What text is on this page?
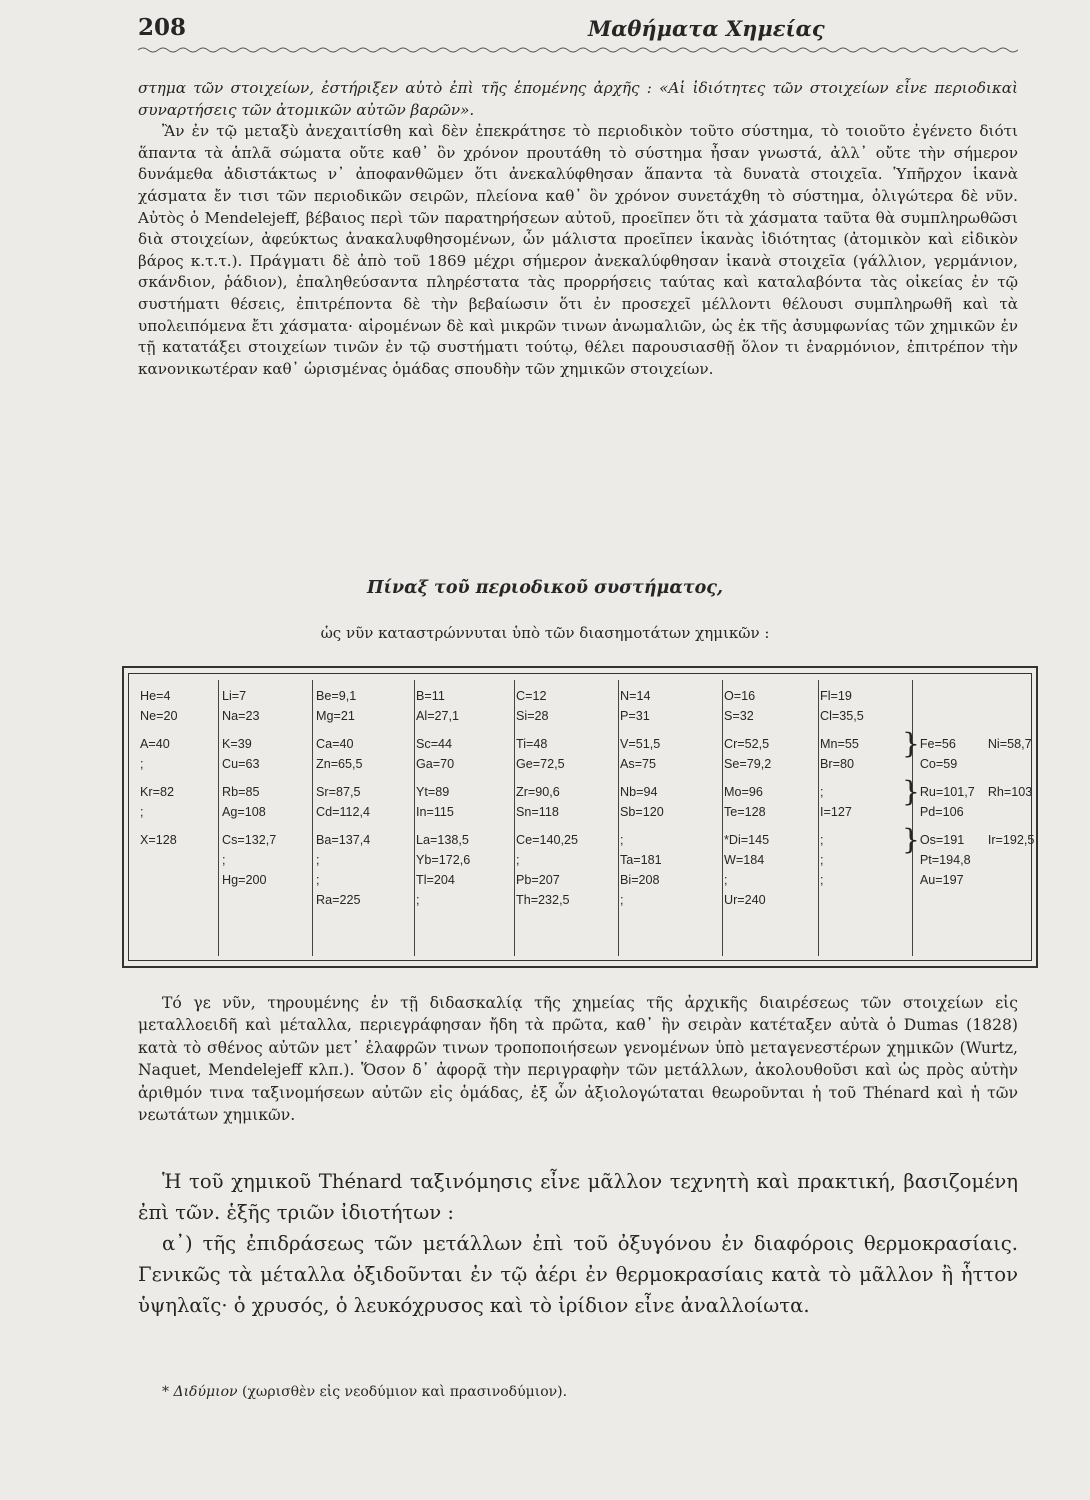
208	Μαθήματα Χημείας

στημα τῶν στοιχείων, ἐστήριξεν αὐτὸ ἐπὶ τῆς ἑπομένης ἀρχῆς : «Αἱ ἰδιότητες τῶν στοιχείων εἶνε περιοδικαὶ συναρτήσεις τῶν ἀτομικῶν αὐτῶν βαρῶν».

Ἂν ἐν τῷ μεταξὺ ἀνεχαιτίσθη καὶ δὲν ἐπεκράτησε τὸ περιοδικὸν τοῦτο σύστημα, τὸ τοιοῦτο ἐγένετο διότι ἅπαντα τὰ ἁπλᾶ σώματα οὔτε καθ᾽ ὃν χρόνον προυτάθη τὸ σύστημα ἦσαν γνωστά, ἀλλ᾽ οὔτε τὴν σήμερον δυνάμεθα ἀδιστάκτως ν᾽ ἀποφανθῶμεν ὅτι ἀνεκαλύφθησαν ἅπαντα τὰ δυνατὰ στοιχεῖα. Ὑπῆρχον ἱκανὰ χάσματα ἔν τισι τῶν περιοδικῶν σειρῶν, πλείονα καθ᾽ ὃν χρόνον συνετάχθη τὸ σύστημα, ὀλιγώτερα δὲ νῦν. Αὐτὸς ὁ Mendelejeff, βέβαιος περὶ τῶν παρατηρήσεων αὐτοῦ, προεῖπεν ὅτι τὰ χάσματα ταῦτα θὰ συμπληρωθῶσι διὰ στοιχείων, ἀφεύκτως ἀνακαλυφθησομένων, ὧν μάλιστα προεῖπεν ἱκανὰς ἰδιότητας (ἀτομικὸν καὶ εἰδικὸν βάρος κ.τ.τ.). Πράγματι δὲ ἀπὸ τοῦ 1869 μέχρι σήμερον ἀνεκαλύφθησαν ἱκανὰ στοιχεῖα (γάλλιον, γερμάνιον, σκάνδιον, ῥάδιον), ἐπαληθεύσαντα πληρέστατα τὰς προρρήσεις ταύτας καὶ καταλαβόντα τὰς οἰκείας ἐν τῷ συστήματι θέσεις, ἐπιτρέποντα δὲ τὴν βεβαίωσιν ὅτι ἐν προσεχεῖ μέλλοντι θέλουσι συμπληρωθῆ καὶ τὰ υπολειπόμενα ἔτι χάσματα· αἰρομένων δὲ καὶ μικρῶν τινων ἀνωμαλιῶν, ὡς ἐκ τῆς ἀσυμφωνίας τῶν χημικῶν ἐν τῇ κατατάξει στοιχείων τινῶν ἐν τῷ συστήματι τούτῳ, θέλει παρουσιασθῇ ὅλον τι ἐναρμόνιον, ἐπιτρέπον τὴν κανονικωτέραν καθ᾽ ὡρισμένας ὁμάδας σπουδὴν τῶν χημικῶν στοιχείων.

Πίναξ τοῦ περιοδικοῦ συστήματος,
ὡς νῦν καταστρώννυται ὑπὸ τῶν διασημοτάτων χημικῶν :
He=4	Li=7	Be=9,1	B=11	C=12	N=14	O=16	Fl=19			
Ne=20	Na=23	Mg=21	Al=27,1	Si=28	P=31	S=32	Cl=35,5			

A=40	K=39	Ca=40	Sc=44	Ti=48	V=51,5	Cr=52,5	Mn=55	}	Fe=56	Ni=58,7
;	Cu=63	Zn=65,5	Ga=70	Ge=72,5	As=75	Se=79,2	Br=80		Co=59	

Kr=82	Rb=85	Sr=87,5	Yt=89	Zr=90,6	Nb=94	Mo=96	;	}	Ru=101,7	Rh=103
;	Ag=108	Cd=112,4	In=115	Sn=118	Sb=120	Te=128	I=127		Pd=106	

X=128	Cs=132,7	Ba=137,4	La=138,5	Ce=140,25	;	*Di=145	;	}	Os=191	Ir=192,5
	;	;	Yb=172,6	;	Ta=181	W=184	;		Pt=194,8	
	Hg=200	;	Tl=204	Pb=207	Bi=208	;	;		Au=197	
		Ra=225	;	Th=232,5	;	Ur=240				

Τό γε νῦν, τηρουμένης ἐν τῇ διδασκαλίᾳ τῆς χημείας τῆς ἀρχικῆς διαιρέσεως τῶν στοιχείων εἰς μεταλλοειδῆ καὶ μέταλλα, περιεγράφησαν ἤδη τὰ πρῶτα, καθ᾽ ἣν σειρὰν κατέταξεν αὐτὰ ὁ Dumas (1828) κατὰ τὸ σθένος αὐτῶν μετ᾽ ἐλαφρῶν τινων τροποποιήσεων γενομένων ὑπὸ μεταγενεστέρων χημικῶν (Wurtz, Naquet, Mendelejeff κλπ.). Ὅσον δ᾽ ἀφορᾷ τὴν περιγραφὴν τῶν μετάλλων, ἀκολουθοῦσι καὶ ὡς πρὸς αὐτὴν ἀριθμόν τινα ταξινομήσεων αὐτῶν εἰς ὁμάδας, ἐξ ὧν ἀξιολογώταται θεωροῦνται ἡ τοῦ Thénard καὶ ἡ τῶν νεωτάτων χημικῶν.

Ἡ τοῦ χημικοῦ Thénard ταξινόμησις εἶνε μᾶλλον τεχνητὴ καὶ πρακτική, βασιζομένη ἐπὶ τῶν. ἑξῆς τριῶν ἰδιοτήτων :

α᾽) τῆς ἐπιδράσεως τῶν μετάλλων ἐπὶ τοῦ ὀξυγόνου ἐν διαφόροις θερμοκρασίαις. Γενικῶς τὰ μέταλλα ὀξιδοῦνται ἐν τῷ ἀέρι ἐν θερμοκρασίαις κατὰ τὸ μᾶλλον ἢ ἧττον ὑψηλαῖς· ὁ χρυσός, ὁ λευκόχρυσος καὶ τὸ ἰρίδιον εἶνε ἀναλλοίωτα.

* Διδύμιον (χωρισθὲν εἰς νεοδύμιον καὶ πρασινοδύμιον).
